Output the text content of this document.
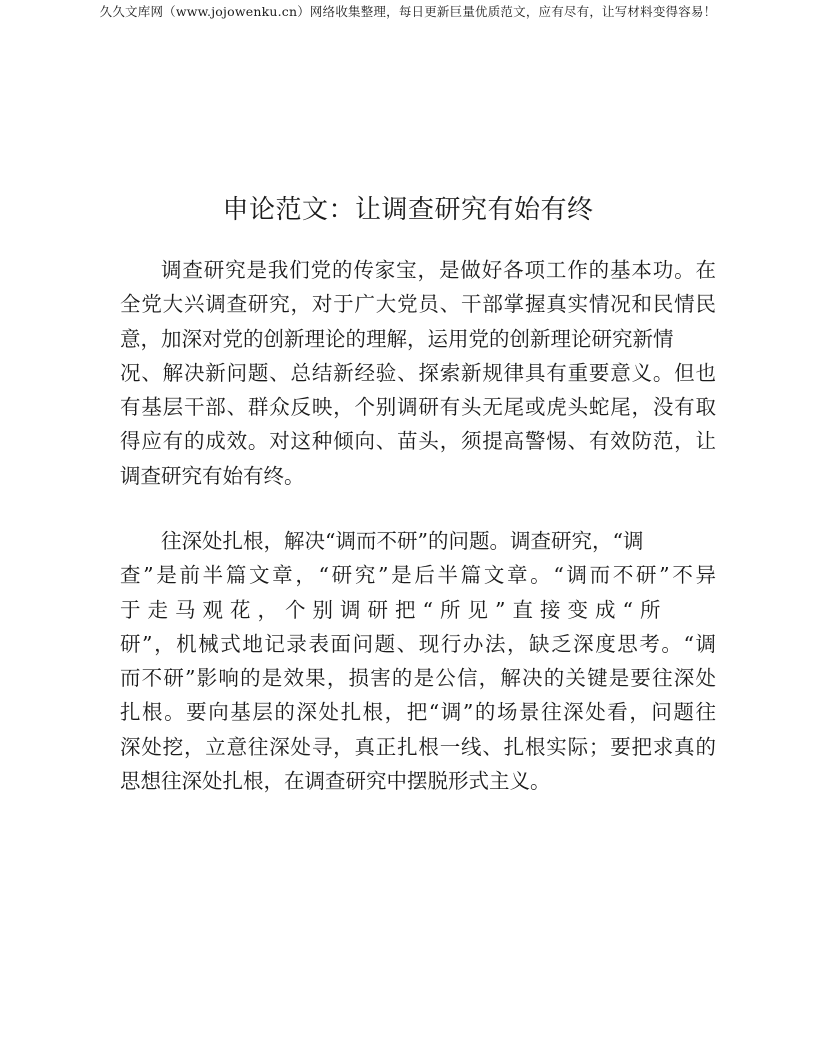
久久文库网（www.jojowenku.cn）网络收集整理，每日更新巨量优质范文，应有尽有，让写材料变得容易！
申论范文：让调查研究有始有终
调查研究是我们党的传家宝，是做好各项工作的基本功。在
全党大兴调查研究，对于广大党员、干部掌握真实情况和民情民
意，加深对党的创新理论的理解，运用党的创新理论研究新情
况、解决新问题、总结新经验、探索新规律具有重要意义。但也
有基层干部、群众反映，个别调研有头无尾或虎头蛇尾，没有取
得应有的成效。对这种倾向、苗头，须提高警惕、有效防范，让
调查研究有始有终。
往深处扎根，解决“调而不研”的问题。调查研究，“调
查”是前半篇文章，“研究”是后半篇文章。“调而不研”不异
于走马观花，个别调研把“所见”直接变成“所
研”，机械式地记录表面问题、现行办法，缺乏深度思考。“调
而不研”影响的是效果，损害的是公信，解决的关键是要往深处
扎根。要向基层的深处扎根，把“调”的场景往深处看，问题往
深处挖，立意往深处寻，真正扎根一线、扎根实际；要把求真的
思想往深处扎根，在调查研究中摆脱形式主义。
